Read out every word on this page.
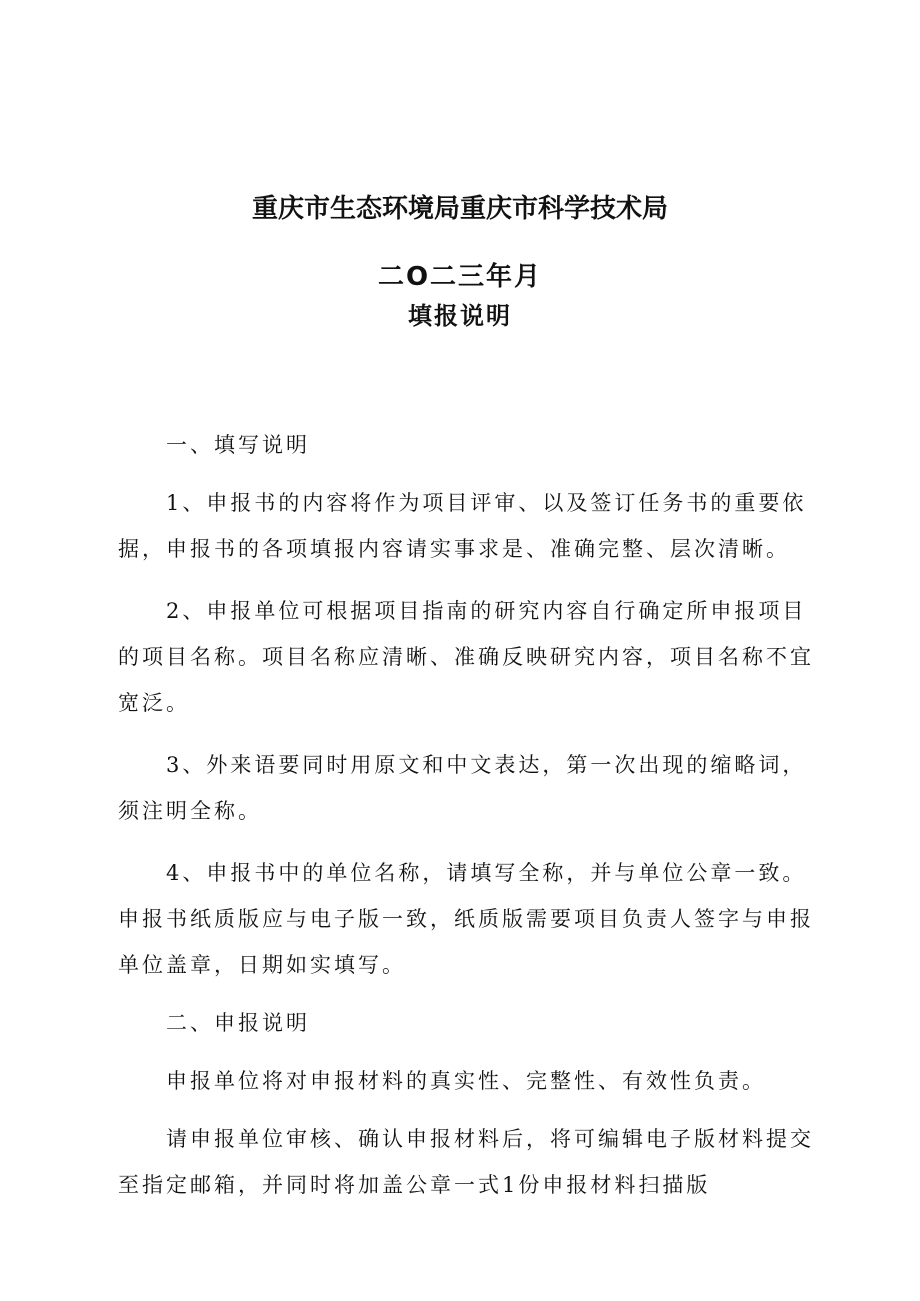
重庆市生态环境局重庆市科学技术局
二O二三年月
填报说明

一、填写说明

1、申报书的内容将作为项目评审、以及签订任务书的重要依据，申报书的各项填报内容请实事求是、准确完整、层次清晰。

2、申报单位可根据项目指南的研究内容自行确定所申报项目的项目名称。项目名称应清晰、准确反映研究内容，项目名称不宜宽泛。

3、外来语要同时用原文和中文表达，第一次出现的缩略词，须注明全称。

4、申报书中的单位名称，请填写全称，并与单位公章一致。申报书纸质版应与电子版一致，纸质版需要项目负责人签字与申报单位盖章，日期如实填写。

二、申报说明

申报单位将对申报材料的真实性、完整性、有效性负责。

请申报单位审核、确认申报材料后，将可编辑电子版材料提交至指定邮箱，并同时将加盖公章一式1份申报材料扫描版
